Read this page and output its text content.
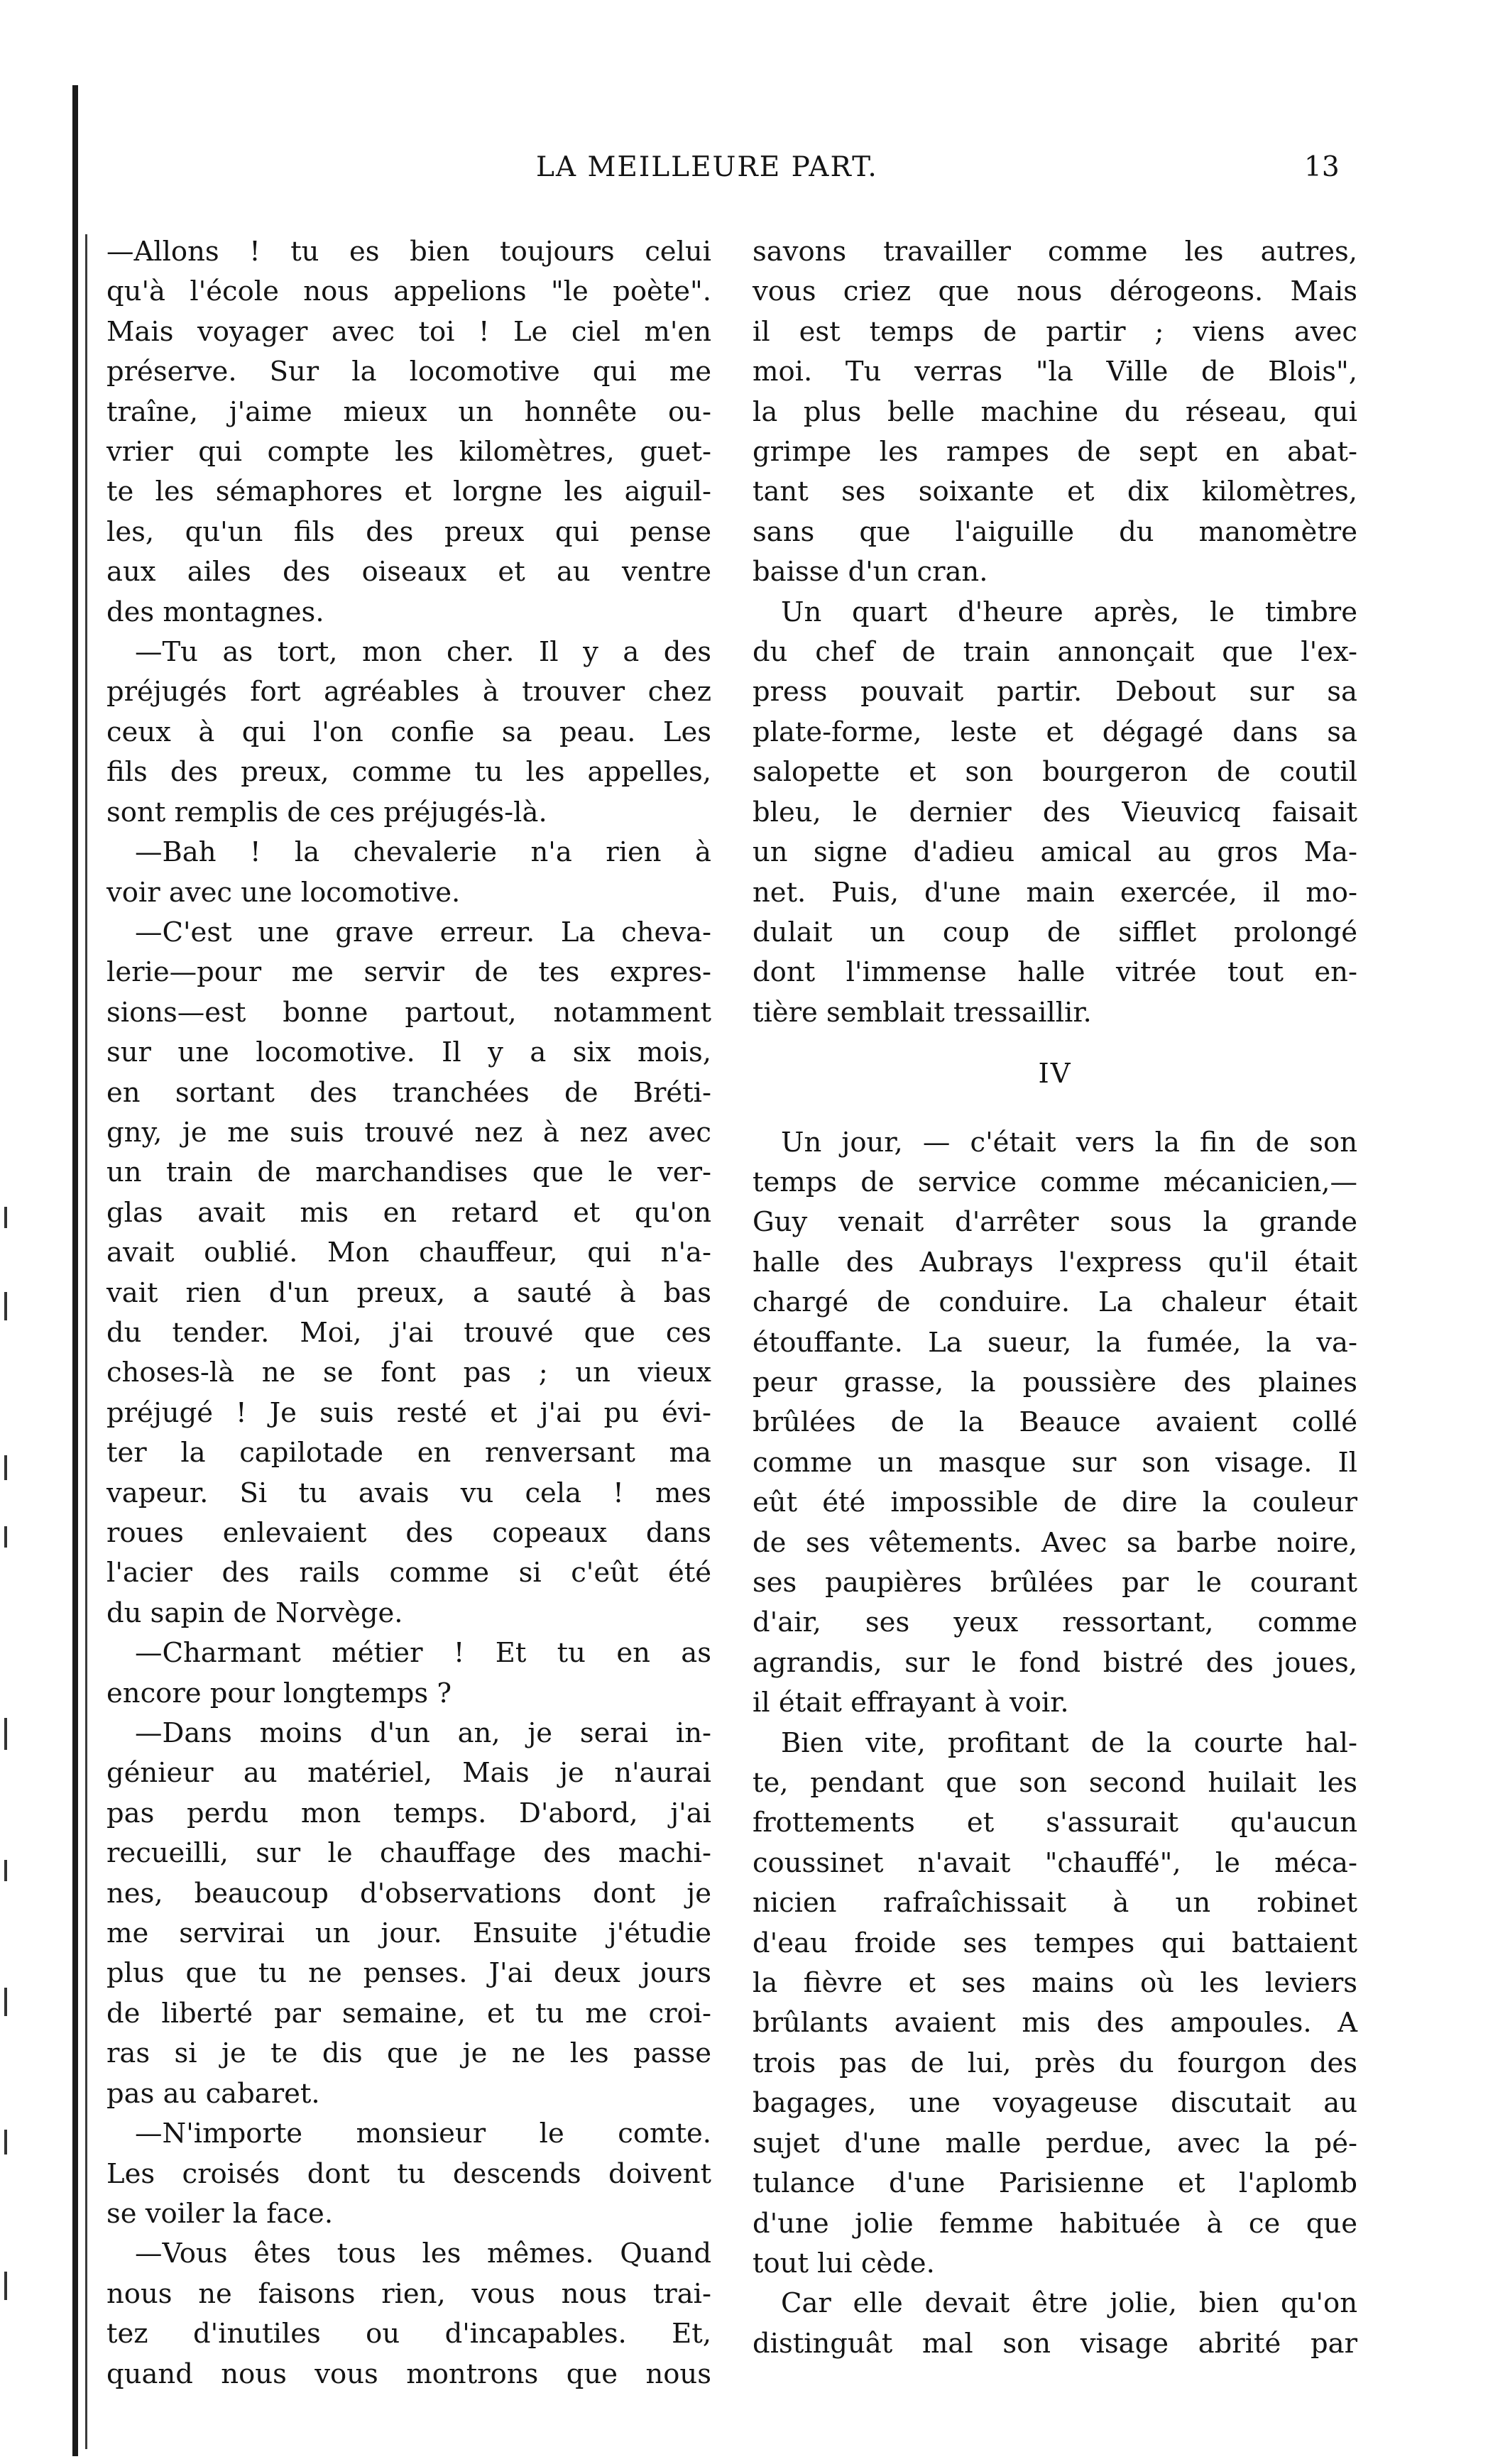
LA MEILLEURE PART.	13

—Allons ! tu es bien toujours celui

qu'à l'école nous appelions "le poète".

Mais voyager avec toi ! Le ciel m'en

préserve. Sur la locomotive qui me

traîne, j'aime mieux un honnête ou-

vrier qui compte les kilomètres, guet-

te les sémaphores et lorgne les aiguil-

les, qu'un fils des preux qui pense

aux ailes des oiseaux et au ventre

des montagnes.

—Tu as tort, mon cher. Il y a des

préjugés fort agréables à trouver chez

ceux à qui l'on confie sa peau. Les

fils des preux, comme tu les appelles,

sont remplis de ces préjugés-là.

—Bah ! la chevalerie n'a rien à

voir avec une locomotive.

—C'est une grave erreur. La cheva-

lerie—pour me servir de tes expres-

sions—est bonne partout, notamment

sur une locomotive. Il y a six mois,

en sortant des tranchées de Bréti-

gny, je me suis trouvé nez à nez avec

un train de marchandises que le ver-

glas avait mis en retard et qu'on

avait oublié. Mon chauffeur, qui n'a-

vait rien d'un preux, a sauté à bas

du tender. Moi, j'ai trouvé que ces

choses-là ne se font pas ; un vieux

préjugé ! Je suis resté et j'ai pu évi-

ter la capilotade en renversant ma

vapeur. Si tu avais vu cela ! mes

roues enlevaient des copeaux dans

l'acier des rails comme si c'eût été

du sapin de Norvège.

—Charmant métier ! Et tu en as

encore pour longtemps ?

—Dans moins d'un an, je serai in-

génieur au matériel, Mais je n'aurai

pas perdu mon temps. D'abord, j'ai

recueilli, sur le chauffage des machi-

nes, beaucoup d'observations dont je

me servirai un jour. Ensuite j'étudie

plus que tu ne penses. J'ai deux jours

de liberté par semaine, et tu me croi-

ras si je te dis que je ne les passe

pas au cabaret.

—N'importe monsieur le comte.

Les croisés dont tu descends doivent

se voiler la face.

—Vous êtes tous les mêmes. Quand

nous ne faisons rien, vous nous trai-

tez d'inutiles ou d'incapables. Et,

quand nous vous montrons que nous

savons travailler comme les autres,

vous criez que nous dérogeons. Mais

il est temps de partir ; viens avec

moi. Tu verras "la Ville de Blois",

la plus belle machine du réseau, qui

grimpe les rampes de sept en abat-

tant ses soixante et dix kilomètres,

sans que l'aiguille du manomètre

baisse d'un cran.

Un quart d'heure après, le timbre

du chef de train annonçait que l'ex-

press pouvait partir. Debout sur sa

plate-forme, leste et dégagé dans sa

salopette et son bourgeron de coutil

bleu, le dernier des Vieuvicq faisait

un signe d'adieu amical au gros Ma-

net. Puis, d'une main exercée, il mo-

dulait un coup de sifflet prolongé

dont l'immense halle vitrée tout en-

tière semblait tressaillir.

IV

Un jour, — c'était vers la fin de son

temps de service comme mécanicien,—

Guy venait d'arrêter sous la grande

halle des Aubrays l'express qu'il était

chargé de conduire. La chaleur était

étouffante. La sueur, la fumée, la va-

peur grasse, la poussière des plaines

brûlées de la Beauce avaient collé

comme un masque sur son visage. Il

eût été impossible de dire la couleur

de ses vêtements. Avec sa barbe noire,

ses paupières brûlées par le courant

d'air, ses yeux ressortant, comme

agrandis, sur le fond bistré des joues,

il était effrayant à voir.

Bien vite, profitant de la courte hal-

te, pendant que son second huilait les

frottements et s'assurait qu'aucun

coussinet n'avait "chauffé", le méca-

nicien rafraîchissait à un robinet

d'eau froide ses tempes qui battaient

la fièvre et ses mains où les leviers

brûlants avaient mis des ampoules. A

trois pas de lui, près du fourgon des

bagages, une voyageuse discutait au

sujet d'une malle perdue, avec la pé-

tulance d'une Parisienne et l'aplomb

d'une jolie femme habituée à ce que

tout lui cède.

Car elle devait être jolie, bien qu'on

distinguât mal son visage abrité par
